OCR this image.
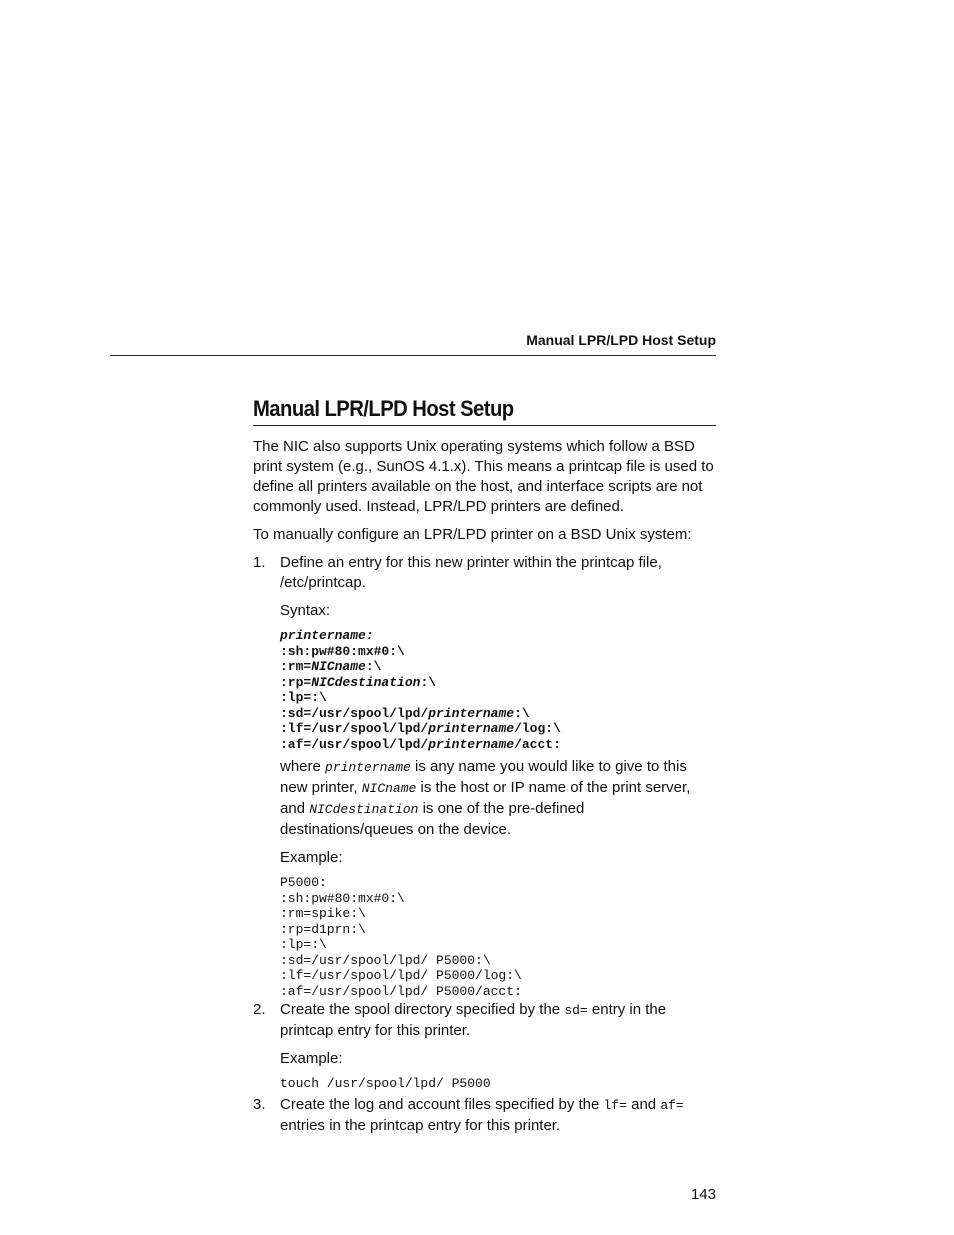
Manual LPR/LPD Host Setup
Manual LPR/LPD Host Setup

The NIC also supports Unix operating systems which follow a BSD print system (e.g., SunOS 4.1.x). This means a printcap file is used to define all printers available on the host, and interface scripts are not commonly used. Instead, LPR/LPD printers are defined.

To manually configure an LPR/LPD printer on a BSD Unix system:

1. Define an entry for this new printer within the printcap file, /etc/printcap.

Syntax:

printername:
:sh:pw#80:mx#0:\
:rm=NICname:\
:rp=NICdestination:\
:lp=:\
:sd=/usr/spool/lpd/printername:\
:lf=/usr/spool/lpd/printername/log:\
:af=/usr/spool/lpd/printername/acct:

where printername is any name you would like to give to this new printer, NICname is the host or IP name of the print server, and NICdestination is one of the pre-defined destinations/queues on the device.

Example:

P5000:
:sh:pw#80:mx#0:\
:rm=spike:\
:rp=d1prn:\
:lp=:\
:sd=/usr/spool/lpd/ P5000:\
:lf=/usr/spool/lpd/ P5000/log:\
:af=/usr/spool/lpd/ P5000/acct:
2. Create the spool directory specified by the sd= entry in the printcap entry for this printer.

Example:

touch /usr/spool/lpd/ P5000
3. Create the log and account files specified by the lf= and af= entries in the printcap entry for this printer.

143
